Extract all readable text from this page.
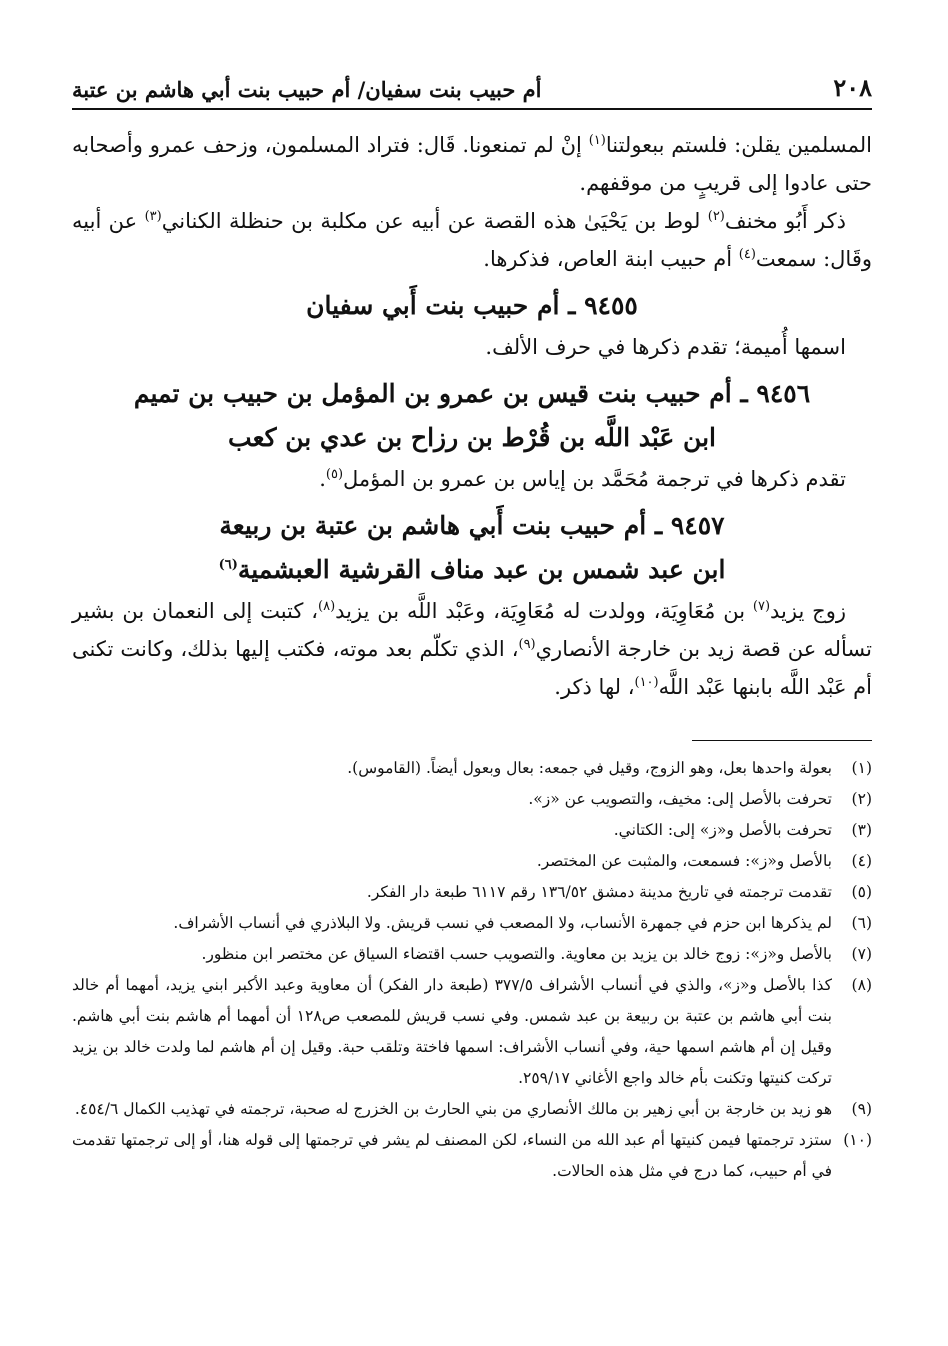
٢٠٨
أم حبيب بنت سفيان/ أم حبيب بنت أبي هاشم بن عتبة

المسلمين يقلن: فلستم ببعولتنا$^{(١)}$ إنْ لم تمنعونا. قَال: فتراد المسلمون، وزحف عمرو وأصحابه حتى عادوا إلى قريبٍ من موقفهم.

ذكر أَبُو مخنف$^{(٢)}$ لوط بن يَحْيَىٰ هذه القصة عن أبيه عن مكلبة بن حنظلة الكناني$^{(٣)}$ عن أبيه وقَال: سمعت$^{(٤)}$ أم حبيب ابنة العاص، فذكرها.

٩٤٥٥ ـ أم حبيب بنت أَبي سفيان

اسمها أُميمة؛ تقدم ذكرها في حرف الألف.

٩٤٥٦ ـ أم حبيب بنت قيس بن عمرو بن المؤمل بن حبيب بن تميم
ابن عَبْد اللَّه بن قُرْط بن رزاح بن عدي بن كعب

تقدم ذكرها في ترجمة مُحَمَّد بن إياس بن عمرو بن المؤمل$^{(٥)}$.

٩٤٥٧ ـ أم حبيب بنت أَبي هاشم بن عتبة بن ربيعة
ابن عبد شمس بن عبد مناف القرشية العبشمية$^{(٦)}$

زوج يزيد$^{(٧)}$ بن مُعَاوِيَة، وولدت له مُعَاوِيَة، وعَبْد اللَّه بن يزيد$^{(٨)}$، كتبت إلى النعمان بن بشير تسأله عن قصة زيد بن خارجة الأنصاري$^{(٩)}$، الذي تكلّم بعد موته، فكتب إليها بذلك، وكانت تكنى أم عَبْد اللَّه بابنها عَبْد اللَّه$^{(١٠)}$، لها ذكر.

(١)
بعولة واحدها بعل، وهو الزوج، وقيل في جمعه: بعال وبعول أيضاً. (القاموس).
(٢)
تحرفت بالأصل إلى: مخيف، والتصويب عن «ز».
(٣)
تحرفت بالأصل و«ز» إلى: الكتاني.
(٤)
بالأصل و«ز»: فسمعت، والمثبت عن المختصر.
(٥)
تقدمت ترجمته في تاريخ مدينة دمشق ١٣٦/٥٢ رقم ٦١١٧ طبعة دار الفكر.
(٦)
لم يذكرها ابن حزم في جمهرة الأنساب، ولا المصعب في نسب قريش. ولا البلاذري في أنساب الأشراف.
(٧)
بالأصل و«ز»: زوج خالد بن يزيد بن معاوية. والتصويب حسب اقتضاء السياق عن مختصر ابن منظور.
(٨)
كذا بالأصل و«ز»، والذي في أنساب الأشراف ٣٧٧/٥ (طبعة دار الفكر) أن معاوية وعبد الأكبر ابني يزيد، أمهما أم خالد بنت أبي هاشم بن عتبة بن ربيعة بن عبد شمس. وفي نسب قريش للمصعب ص١٢٨ أن أمهما أم هاشم بنت أبي هاشم. وقيل إن أم هاشم اسمها حية، وفي أنساب الأشراف: اسمها فاختة وتلقب حبة. وقيل إن أم هاشم لما ولدت خالد بن يزيد تركت كنيتها وتكنت بأم خالد واجع الأغاني ٢٥٩/١٧.
(٩)
هو زيد بن خارجة بن أبي زهير بن مالك الأنصاري من بني الحارث بن الخزرج له صحبة، ترجمته في تهذيب الكمال ٤٥٤/٦.
(١٠)
ستزد ترجمتها فيمن كنيتها أم عبد الله من النساء، لكن المصنف لم يشر في ترجمتها إلى قوله هنا، أو إلى ترجمتها تقدمت في أم حبيب، كما درج في مثل هذه الحالات.
